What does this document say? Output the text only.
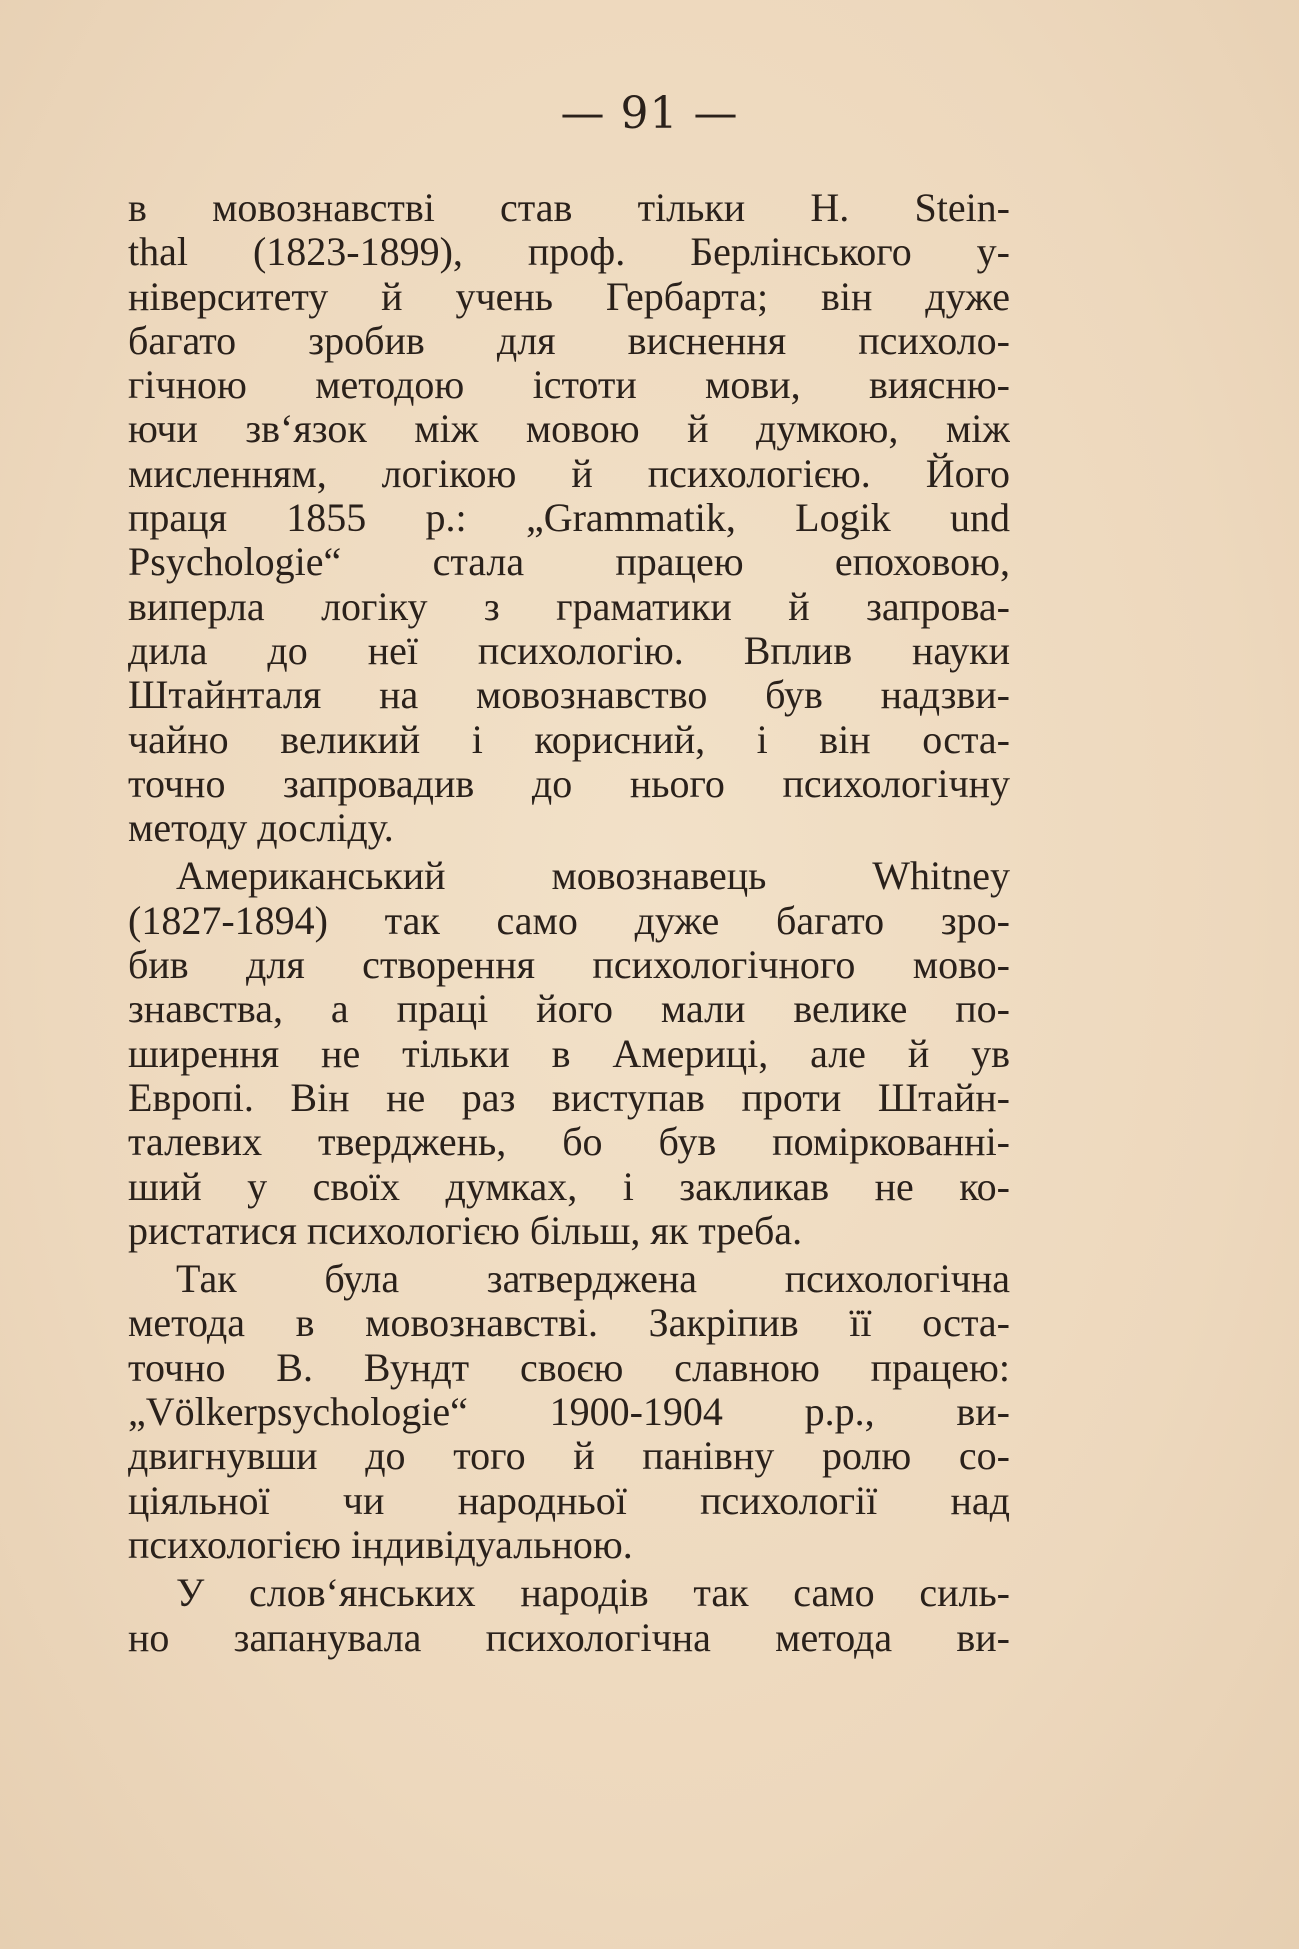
— 91 —
в мовознавстві став тільки H. Stein-
thal (1823-1899), проф. Берлінського у-
ніверситету й учень Гербарта; він дуже
багато зробив для виснення психоло-
гічною методою істоти мови, виясню-
ючи зв‘язок між мовою й думкою, між
мисленням, логікою й психологією. Його
праця 1855 р.: „Grammatik, Logik und
Psychologie“ стала працею епоховою,
виперла логіку з граматики й запрова-
дила до неї психологію. Вплив науки
Штайнталя на мовознавство був надзви-
чайно великий і корисний, і він оста-
точно запровадив до нього психологічну
методу досліду.
Американський мовознавець Whitney
(1827-1894) так само дуже багато зро-
бив для створення психологічного мово-
знавства, а праці його мали велике по-
ширення не тільки в Америці, але й ув
Европі. Він не раз виступав проти Штайн-
талевих тверджень, бо був поміркованні-
ший у своїх думках, і закликав не ко-
ристатися психологією більш, як треба.
Так була затверджена психологічна
метода в мовознавстві. Закріпив її оста-
точно В. Вундт своєю славною працею:
„Völkerpsychologie“ 1900-1904 р.р., ви-
двигнувши до того й панівну ролю со-
ціяльної чи народньої психології над
психологією індивідуальною.
У слов‘янських народів так само силь-
но запанувала психологічна метода ви-
